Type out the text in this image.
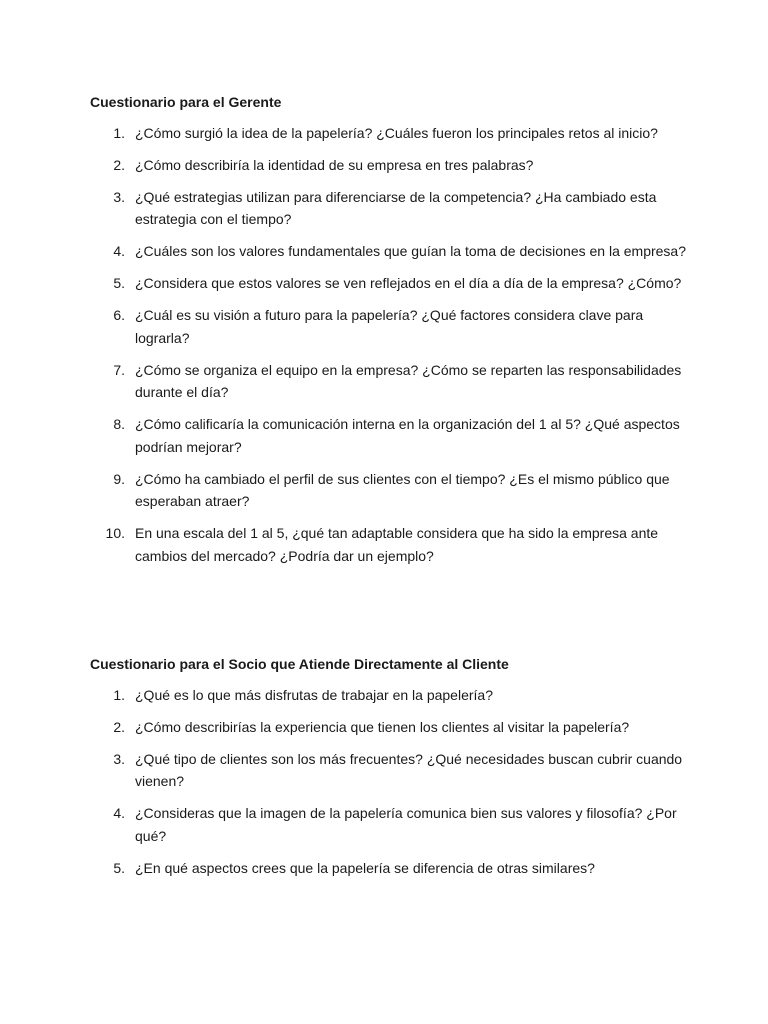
Cuestionario para el Gerente

1. ¿Cómo surgió la idea de la papelería? ¿Cuáles fueron los principales retos al inicio?
2. ¿Cómo describiría la identidad de su empresa en tres palabras?
3. ¿Qué estrategias utilizan para diferenciarse de la competencia? ¿Ha cambiado esta estrategia con el tiempo?
4. ¿Cuáles son los valores fundamentales que guían la toma de decisiones en la empresa?
5. ¿Considera que estos valores se ven reflejados en el día a día de la empresa? ¿Cómo?
6. ¿Cuál es su visión a futuro para la papelería? ¿Qué factores considera clave para lograrla?
7. ¿Cómo se organiza el equipo en la empresa? ¿Cómo se reparten las responsabilidades durante el día?
8. ¿Cómo calificaría la comunicación interna en la organización del 1 al 5? ¿Qué aspectos podrían mejorar?
9. ¿Cómo ha cambiado el perfil de sus clientes con el tiempo? ¿Es el mismo público que esperaban atraer?
10. En una escala del 1 al 5, ¿qué tan adaptable considera que ha sido la empresa ante cambios del mercado? ¿Podría dar un ejemplo?

Cuestionario para el Socio que Atiende Directamente al Cliente

1. ¿Qué es lo que más disfrutas de trabajar en la papelería?
2. ¿Cómo describirías la experiencia que tienen los clientes al visitar la papelería?
3. ¿Qué tipo de clientes son los más frecuentes? ¿Qué necesidades buscan cubrir cuando vienen?
4. ¿Consideras que la imagen de la papelería comunica bien sus valores y filosofía? ¿Por qué?
5. ¿En qué aspectos crees que la papelería se diferencia de otras similares?
